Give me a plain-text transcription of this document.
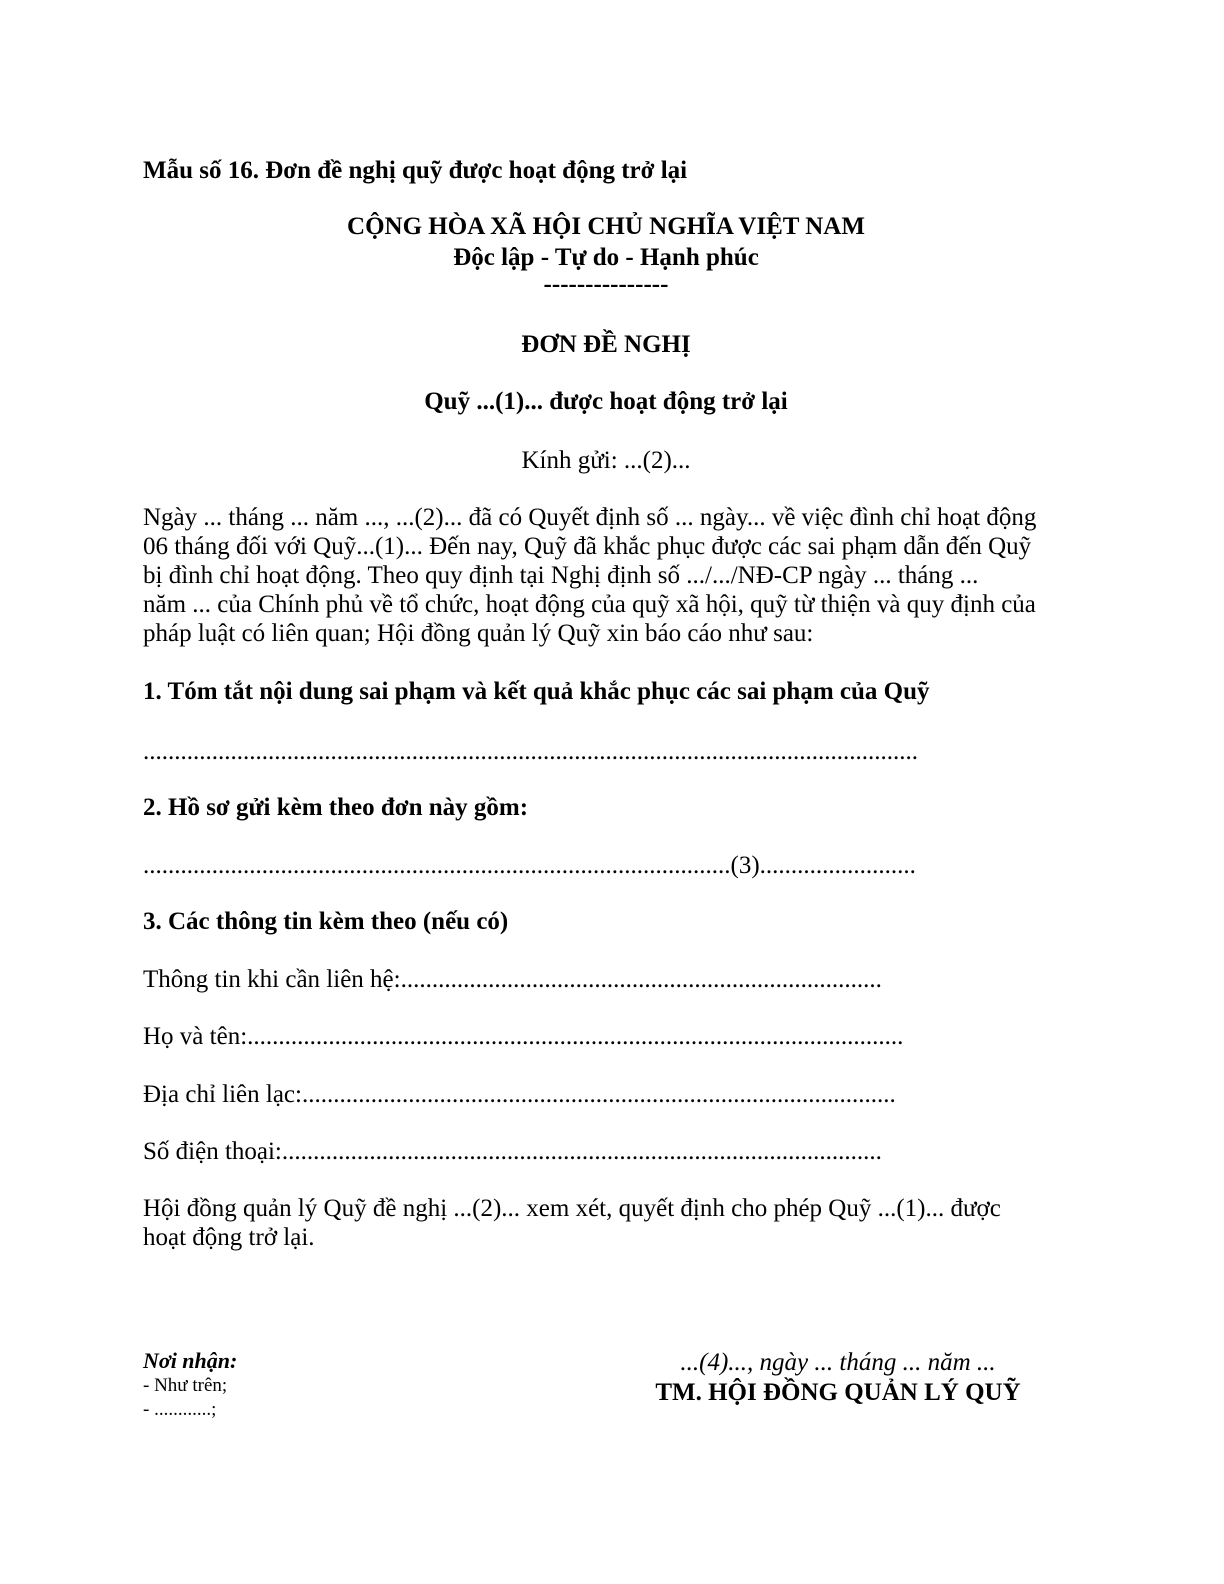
Mẫu số 16. Đơn đề nghị quỹ được hoạt động trở lại

CỘNG HÒA XÃ HỘI CHỦ NGHĨA VIỆT NAM

Độc lập - Tự do - Hạnh phúc

---------------

ĐƠN ĐỀ NGHỊ

Quỹ ...(1)... được hoạt động trở lại

Kính gửi: ...(2)...

Ngày ... tháng ... năm ..., ...(2)... đã có Quyết định số ... ngày... về việc đình chỉ hoạt động

06 tháng đối với Quỹ...(1)... Đến nay, Quỹ đã khắc phục được các sai phạm dẫn đến Quỹ

bị đình chỉ hoạt động. Theo quy định tại Nghị định số .../.../NĐ-CP ngày ... tháng ...

năm ... của Chính phủ về tổ chức, hoạt động của quỹ xã hội, quỹ từ thiện và quy định của

pháp luật có liên quan; Hội đồng quản lý Quỹ xin báo cáo như sau:

1. Tóm tắt nội dung sai phạm và kết quả khắc phục các sai phạm của Quỹ

............................................................................................................................

2. Hồ sơ gửi kèm theo đơn này gồm:

..............................................................................................(3).........................

3. Các thông tin kèm theo (nếu có)

Thông tin khi cần liên hệ:.............................................................................

Họ và tên:.........................................................................................................

Địa chỉ liên lạc:...............................................................................................

Số điện thoại:................................................................................................

Hội đồng quản lý Quỹ đề nghị ...(2)... xem xét, quyết định cho phép Quỹ ...(1)... được

hoạt động trở lại.

Nơi nhận:

- Như trên;

- ............;

...(4)..., ngày ... tháng ... năm ...

TM. HỘI ĐỒNG QUẢN LÝ QUỸ
